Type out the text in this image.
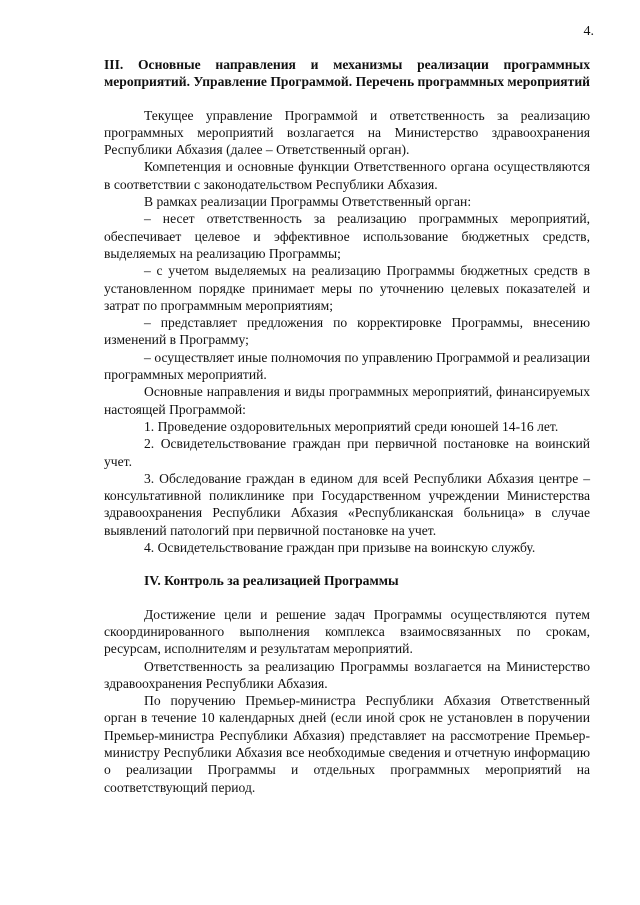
4.
III. Основные направления и механизмы реализации программных мероприятий. Управление Программой. Перечень программных мероприятий

Текущее управление Программой и ответственность за реализацию программных мероприятий возлагается на Министерство здравоохранения Республики Абхазия (далее – Ответственный орган).

Компетенция и основные функции Ответственного органа осуществляются в соответствии с законодательством Республики Абхазия.

В рамках реализации Программы Ответственный орган:

– несет ответственность за реализацию программных мероприятий, обеспечивает целевое и эффективное использование бюджетных средств, выделяемых на реализацию Программы;

– с учетом выделяемых на реализацию Программы бюджетных средств в установленном порядке принимает меры по уточнению целевых показателей и затрат по программным мероприятиям;

– представляет предложения по корректировке Программы, внесению изменений в Программу;

– осуществляет иные полномочия по управлению Программой и реализации программных мероприятий.

Основные направления и виды программных мероприятий, финансируемых настоящей Программой:

1. Проведение оздоровительных мероприятий среди юношей 14-16 лет.

2. Освидетельствование граждан при первичной постановке на воинский учет.

3. Обследование граждан в едином для всей Республики Абхазия центре – консультативной поликлинике при Государственном учреждении Министерства здравоохранения Республики Абхазия «Республиканская больница» в случае выявлений патологий при первичной постановке на учет.

4. Освидетельствование граждан при призыве на воинскую службу.

IV. Контроль за реализацией Программы

Достижение цели и решение задач Программы осуществляются путем скоординированного выполнения комплекса взаимосвязанных по срокам, ресурсам, исполнителям и результатам мероприятий.

Ответственность за реализацию Программы возлагается на Министерство здравоохранения Республики Абхазия.

По поручению Премьер-министра Республики Абхазия Ответственный орган в течение 10 календарных дней (если иной срок не установлен в поручении Премьер-министра Республики Абхазия) представляет на рассмотрение Премьер-министру Республики Абхазия все необходимые сведения и отчетную информацию о реализации Программы и отдельных программных мероприятий на соответствующий период.
